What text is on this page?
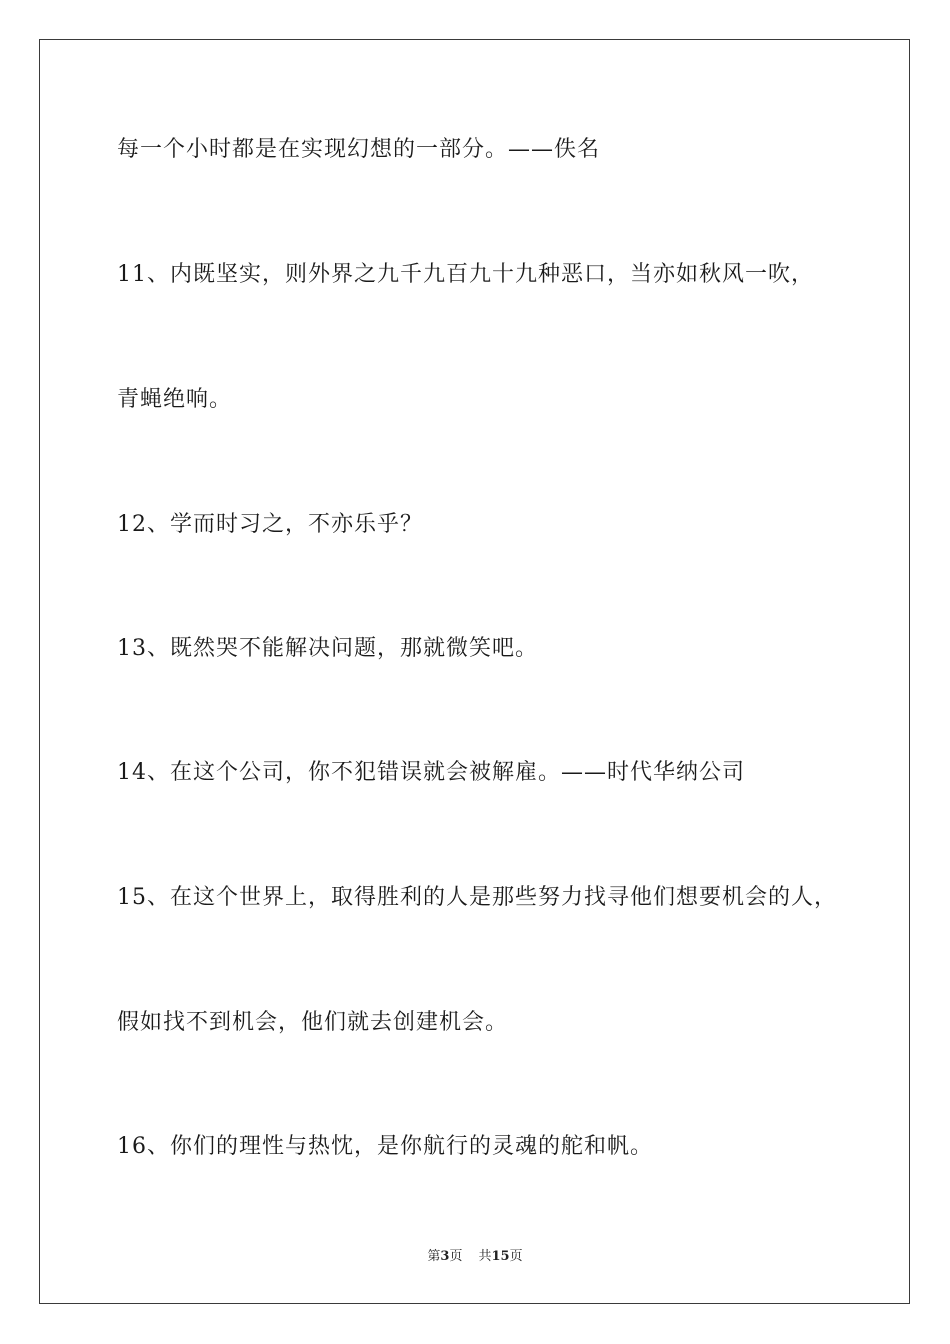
每一个小时都是在实现幻想的一部分。——佚名
11、内既坚实，则外界之九千九百九十九种恶口，当亦如秋风一吹，
青蝇绝响。
12、学而时习之，不亦乐乎？
13、既然哭不能解决问题，那就微笑吧。
14、在这个公司，你不犯错误就会被解雇。——时代华纳公司
15、在这个世界上，取得胜利的人是那些努力找寻他们想要机会的人，
假如找不到机会，他们就去创建机会。
16、你们的理性与热忱，是你航行的灵魂的舵和帆。
第3页 共15页
